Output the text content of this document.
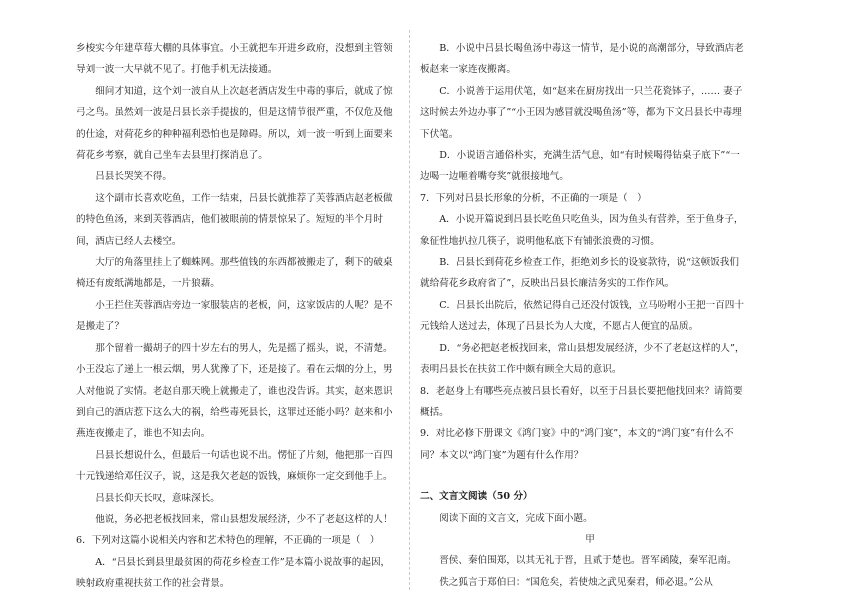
乡梭实今年建草莓大棚的具体事宜。小王就把车开进乡政府，没想到主管领导刘一波一大早就不见了。打他手机无法接通。

细问才知道，这个刘一波自从上次赵老酒店发生中毒的事后，就成了惊弓之鸟。虽然刘一波是吕县长亲手提拔的，但是这情节很严重，不仅危及他的仕途，对荷花乡的种种福利恐怕也是障碍。所以，刘一波一听到上面要来荷花乡考察，就自己坐车去县里打探消息了。

吕县长哭笑不得。

这个副市长喜欢吃鱼，工作一结束，吕县长就推荐了芙蓉酒店赵老板做的特色鱼汤，来到芙蓉酒店，他们被眼前的情景惊呆了。短短的半个月时间，酒店已经人去楼空。

大厅的角落里挂上了蜘蛛网。那些值钱的东西都被搬走了，剩下的破桌椅还有废纸满地都是，一片狼藉。

小王拦住芙蓉酒店旁边一家服装店的老板，问，这家饭店的人呢？是不是搬走了？

那个留着一撮胡子的四十岁左右的男人，先是摇了摇头，说，不清楚。小王没忘了递上一根云烟，男人犹豫了下，还是接了。看在云烟的分上，男人对他说了实情。老赵自那天晚上就搬走了，谁也没告诉。其实，赵来恩识到自己的酒店惹下这么大的祸，给些毒死县长，这罪过还能小吗？赵来和小燕连夜搬走了，谁也不知去向。

吕县长想说什么，但最后一句话也说不出。愣怔了片刻，他把那一百四十元钱递给邓任汉子，说，这是我欠老赵的饭钱，麻烦你一定交到他手上。

吕县长仰天长叹，意味深长。

他说，务必把老板找回来，常山县想发展经济，少不了老赵这样的人！

6．下列对这篇小说相关内容和艺术特色的理解，不正确的一项是（　）

A．“吕县长到县里最贫困的荷花乡检查工作”是本篇小说故事的起因，映射政府重视扶贫工作的社会背景。

B．小说中吕县长喝鱼汤中毒这一情节，是小说的高潮部分，导致酒店老板赵来一家连夜搬离。

C．小说善于运用伏笔，如“赵来在厨房找出一只兰花瓷钵子，…… 妻子这时候去外边办事了”“小王因为感冒就没喝鱼汤”等，都为下文吕县长中毒埋下伏笔。

D．小说语言通俗朴实，充满生活气息，如“有时候喝得钻桌子底下”“一边喝一边咂着嘴夸奖”就很接地气。

7．下列对吕县长形象的分析，不正确的一项是（　）

A．小说开篇说到吕县长吃鱼只吃鱼头，因为鱼头有营养，至于鱼身子，象征性地扒拉几筷子，说明他私底下有铺张浪费的习惯。

B．吕县长到荷花乡检查工作，拒绝刘乡长的设宴款待，说“这顿饭我们就给荷花乡政府省了”，反映出吕县长廉洁务实的工作作风。

C．吕县长出院后，依然记得自己还没付饭钱，立马吩咐小王把一百四十元钱给人送过去，体现了吕县长为人大度，不愿占人便宜的品质。

D．“务必把赵老板找回来，常山县想发展经济，少不了老赵这样的人”，表明吕县长在扶贫工作中颇有顾全大局的意识。

8．老赵身上有哪些亮点被吕县长看好，以至于吕县长要把他找回来？请简要概括。

9．对比必修下册课文《鸿门宴》中的“鸿门宴”，本文的“鸿门宴”有什么不同？本文以“鸿门宴”为题有什么作用？

二、文言文阅读（50 分）

阅读下面的文言文，完成下面小题。

甲

晋侯、秦伯围郑，以其无礼于晋，且贰于楚也。晋军函陵，秦军氾南。

佚之狐言于郑伯曰：“国危矣，若使烛之武见秦君，师必退。”公从
